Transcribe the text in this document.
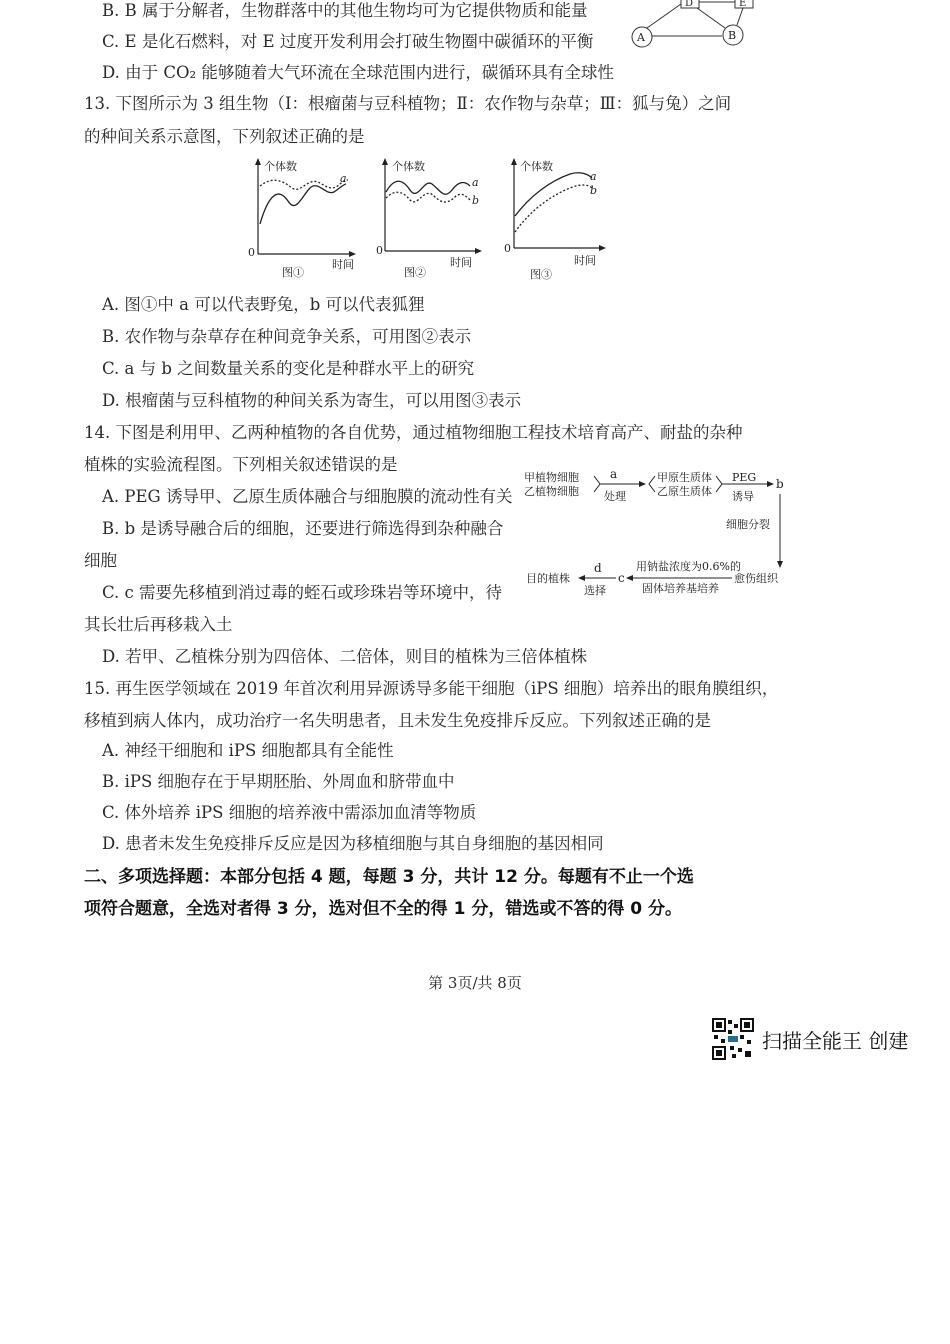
B. B 属于分解者，生物群落中的其他生物均可为它提供物质和能量
C. E 是化石燃料，对 E 过度开发利用会打破生物圈中碳循环的平衡
D. 由于 CO₂ 能够随着大气环流在全球范围内进行，碳循环具有全球性
D	E
A	B
13. 下图所示为 3 组生物（Ⅰ：根瘤菌与豆科植物；Ⅱ：农作物与杂草；Ⅲ：狐与兔）之间
的种间关系示意图，下列叙述正确的是
a
个体数
0
时间
图①
a
b
个体数
0
时间
图②
a
b
个体数
0
时间
图③
A. 图①中 a 可以代表野兔，b 可以代表狐狸
B. 农作物与杂草存在种间竞争关系，可用图②表示
C. a 与 b 之间数量关系的变化是种群水平上的研究
D. 根瘤菌与豆科植物的种间关系为寄生，可以用图③表示
14. 下图是利用甲、乙两种植物的各自优势，通过植物细胞工程技术培育高产、耐盐的杂种
植株的实验流程图。下列相关叙述错误的是
A. PEG 诱导甲、乙原生质体融合与细胞膜的流动性有关
B. b 是诱导融合后的细胞，还要进行筛选得到杂种融合
细胞
C. c 需要先移植到消过毒的蛭石或珍珠岩等环境中，待
其长壮后再移栽入土
D. 若甲、乙植株分别为四倍体、二倍体，则目的植株为三倍体植株
甲植物细胞
乙植物细胞
a
处理
甲原生质体
乙原生质体
PEG
诱导
b
细胞分裂
愈伤组织
用钠盐浓度为0.6%的
固体培养基培养
c
d
选择
目的植株
15. 再生医学领域在 2019 年首次利用异源诱导多能干细胞（iPS 细胞）培养出的眼角膜组织，
移植到病人体内，成功治疗一名失明患者，且未发生免疫排斥反应。下列叙述正确的是
A. 神经干细胞和 iPS 细胞都具有全能性
B. iPS 细胞存在于早期胚胎、外周血和脐带血中
C. 体外培养 iPS 细胞的培养液中需添加血清等物质
D. 患者未发生免疫排斥反应是因为移植细胞与其自身细胞的基因相同
二、多项选择题：本部分包括 4 题，每题 3 分，共计 12 分。每题有不止一个选
项符合题意，全选对者得 3 分，选对但不全的得 1 分，错选或不答的得 0 分。
第 3页/共 8页
扫描全能王 创建
